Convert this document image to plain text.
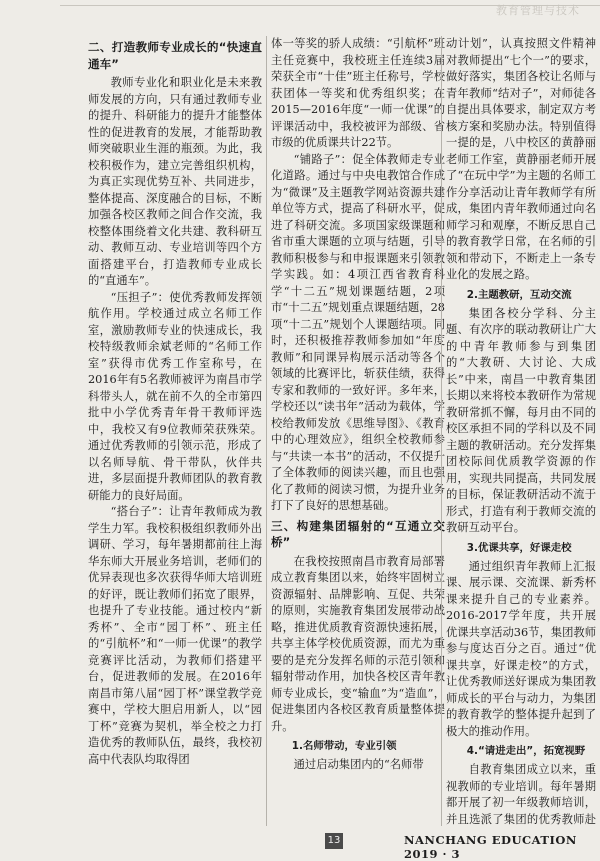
教育管理与技术
二、打造教师专业成长的“快速直通车”

教师专业化和职业化是未来教师发展的方向，只有通过教师专业的提升、科研能力的提升才能整体性的促进教育的发展，才能帮助教师突破职业生涯的瓶颈。为此，我校积极作为，建立完善组织机构，为真正实现优势互补、共同进步，整体提高、深度融合的目标，不断加强各校区教师之间合作交流，我校整体围绕着文化共建、教科研互动、教师互动、专业培训等四个方面搭建平台，打造教师专业成长的“直通车”。

“压担子”：使优秀教师发挥领航作用。学校通过成立名师工作室，激励教师专业的快速成长，我校特级教师余斌老师的“名师工作室”获得市优秀工作室称号，在2016年有5名教师被评为南昌市学科带头人，就在前不久的全市第四批中小学优秀青年骨干教师评选中，我校又有9位教师荣获殊荣。通过优秀教师的引领示范，形成了以名师导航、骨干带队，伙伴共进，多层面提升教师团队的教育教研能力的良好局面。

“搭台子”：让青年教师成为教学生力军。我校积极组织教师外出调研、学习，每年暑期都前往上海华东师大开展业务培训，老师们的优异表现也多次获得华师大培训班的好评，既让教师们拓宽了眼界，也提升了专业技能。通过校内“新秀杯”、全市“园丁杯”、班主任的“引航杯”和“一师一优课”的教学竞赛评比活动，为教师们搭建平台，促进教师的发展。在2016年南昌市第八届“园丁杯”课堂教学竞赛中，学校大胆启用新人，以“园丁杯”竞赛为契机，举全校之力打造优秀的教师队伍，最终，我校初高中代表队均取得团

体一等奖的骄人成绩：“引航杯”班主任竞赛中，我校班主任连续3届荣获全市“十佳”班主任称号，学校获团体一等奖和优秀组织奖；在2015—2016年度“一师一优课”的评课活动中，我校被评为部级、省市级的优质课共计22节。

“铺路子”：促全体教师走专业化道路。通过与中央电教馆合作成为“微课”及主题教学网站资源共建单位等方式，提高了科研水平，促进了科研交流。多项国家级课题和省市重大课题的立项与结题，引导教师积极参与和申报课题来引领教学实践。如：4项江西省教育科学“十二五”规划课题结题，2项市“十二五”规划重点课题结题，28项“十二五”规划个人课题结项。同时，还积极推荐教师参加如“年度教师”和同课异构展示活动等各个领域的比赛评比，斩获佳绩，获得专家和教师的一致好评。多年来，学校还以“读书年”活动为载体，学校给教师发放《思维导图》、《教育中的心理效应》，组织全校教师参与“共读一本书”的活动，不仅提升了全体教师的阅读兴趣，而且也强化了教师的阅读习惯，为提升业务打下了良好的思想基础。

三、构建集团辐射的“互通立交桥”

在我校按照南昌市教育局部署成立教育集团以来，始终牢固树立资源辐射、品牌影响、互促、共荣的原则，实施教育集团发展带动战略，推进优质教育资源快速拓展，共享主体学校优质资源，而尤为重要的是充分发挥名师的示范引领和辐射带动作用，加快各校区青年教师专业成长，变“输血”为“造血”，促进集团内各校区教育质量整体提升。

1.名师带动，专业引领

通过启动集团内的“名师带

动计划”，认真按照文件精神对教师提出“七个一”的要求，做好落实，集团各校让名师与青年教师“结对子”，对师徒各自提出具体要求，制定双方考核方案和奖励办法。特别值得一提的是，八中校区的黄静丽老师工作室，黄静丽老师开展了“在玩中学”为主题的名师工作分享活动让青年教师学有所成，集团内青年教师通过向名师学习和观摩，不断反思自己的教育教学日常，在名师的引领和带动下，不断走上一条专业化的发展之路。

2.主题教研，互动交流

集团各校分学科、分主题、有次序的联动教研让广大的中青年教师参与到集团的“大教研、大讨论、大成长”中来，南昌一中教育集团长期以来将校本教研作为常规教研常抓不懈，每月由不同的校区承担不同的学科以及不同主题的教研活动。充分发挥集团校际间优质教学资源的作用，实现共同提高，共同发展的目标，保证教研活动不流于形式，打造有利于教师交流的教研互动平台。

3.优课共享，好课走校

通过组织青年教师上汇报课、展示课、交流课、新秀杯课来提升自己的专业素养。2016-2017学年度，共开展优课共享活动36节，集团教师参与度达百分之百。通过“优课共享，好课走校”的方式，让优秀教师送好课成为集团教师成长的平台与动力，为集团的教育教学的整体提升起到了极大的推动作用。

4.“请进走出”，拓宽视野

自教育集团成立以来，重视教师的专业培训。每年暑期都开展了初一年级教师培训，并且选派了集团的优秀教师赴

13	NANCHANG EDUCATION 2019 · 3
